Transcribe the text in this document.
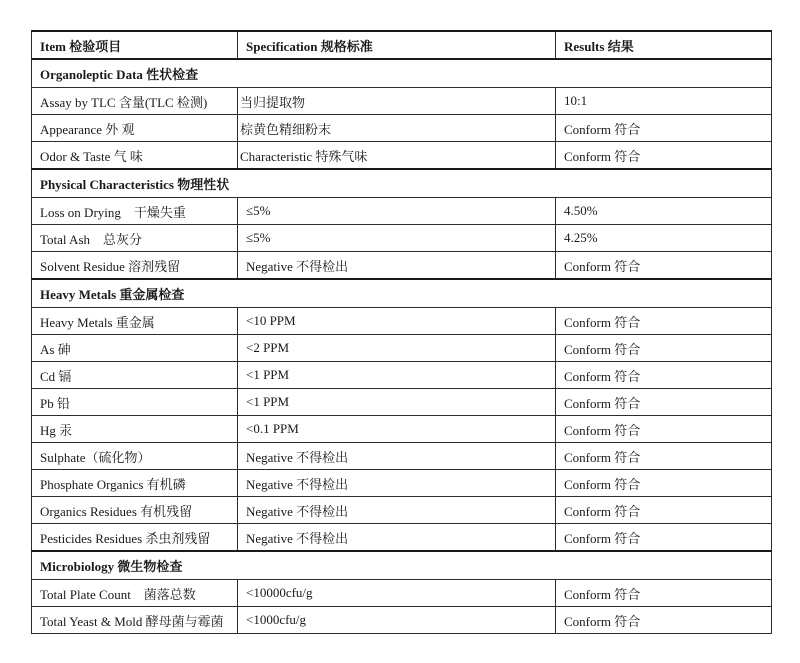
Item 检验项目	Specification 规格标准	Results 结果
Organoleptic Data 性状检查		
Assay by TLC 含量(TLC 检测)	当归提取物	10:1
Appearance 外 观	棕黄色精细粉末	Conform 符合
Odor & Taste 气 味	Characteristic 特殊气味	Conform 符合
Physical Characteristics 物理性状		
Loss on Drying    干燥失重	≤5%	4.50%
Total Ash    总灰分	≤5%	4.25%
Solvent Residue 溶剂残留	Negative 不得检出	Conform 符合
Heavy Metals 重金属检查		
Heavy Metals 重金属	<10 PPM	Conform 符合
As 砷	<2 PPM	Conform 符合
Cd 镉	<1 PPM	Conform 符合
Pb 铅	<1 PPM	Conform 符合
Hg 汞	<0.1 PPM	Conform 符合
Sulphate（硫化物）	Negative 不得检出	Conform 符合
Phosphate Organics 有机磷	Negative 不得检出	Conform 符合
Organics Residues 有机残留	Negative 不得检出	Conform 符合
Pesticides Residues 杀虫剂残留	Negative 不得检出	Conform 符合
Microbiology 微生物检查		
Total Plate Count    菌落总数	<10000cfu/g	Conform 符合
Total Yeast & Mold 酵母菌与霉菌	<1000cfu/g	Conform 符合
